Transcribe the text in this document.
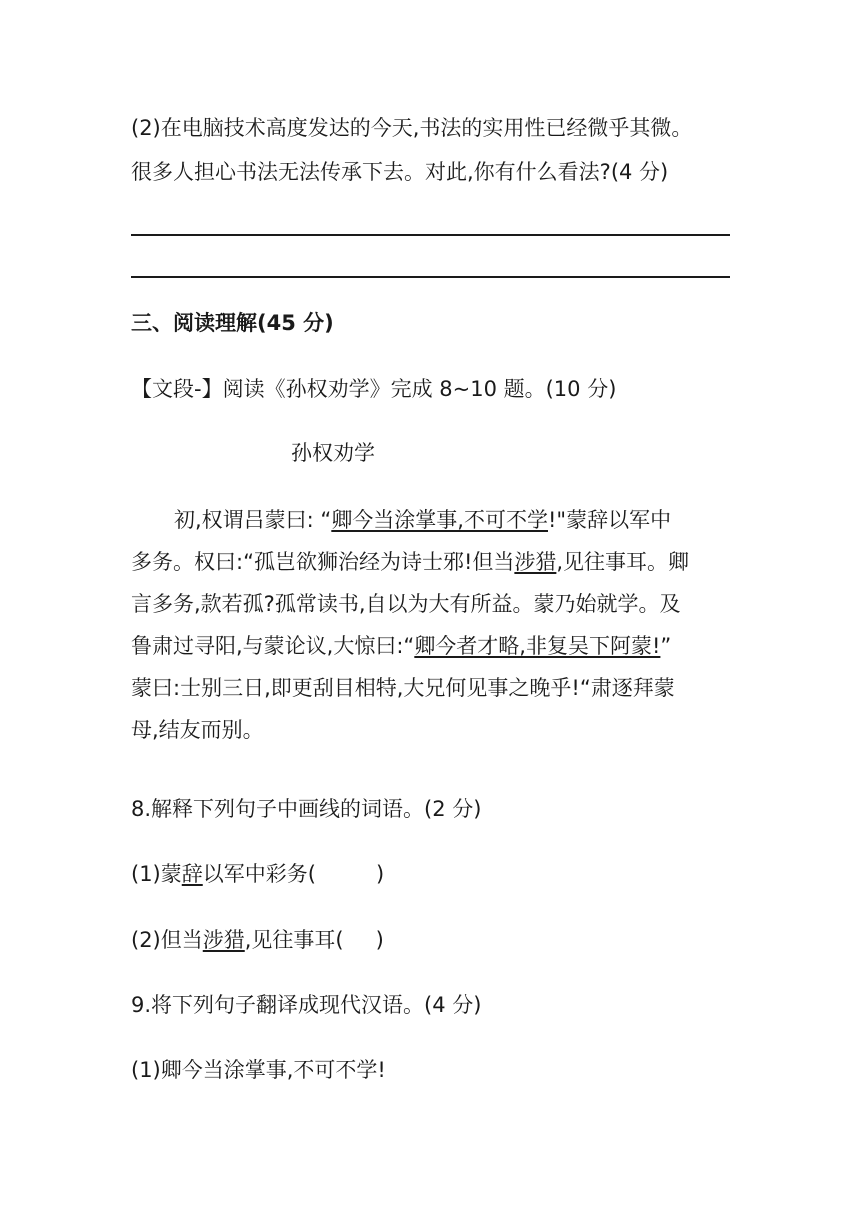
(2)在电脑技术高度发达的今天,书法的实用性已经微乎其微。
很多人担心书法无法传承下去。对此,你有什么看法?(4 分)
三、阅读理解(45 分)
【文段-】阅读《孙权劝学》完成 8~10 题。(10 分)
孙权劝学
初,权谓吕蒙曰: “卿今当涂掌事,不可不学!"蒙辞以军中
多务。权曰:“孤岂欲狮治经为诗士邪!但当涉猎,见往事耳。卿
言多务,款若孤?孤常读书,自以为大有所益。蒙乃始就学。及
鲁肃过寻阳,与蒙论议,大惊曰:“卿今者才略,非复吴下阿蒙!”
蒙曰:士别三日,即更刮目相特,大兄何见事之晚乎!“肃逐拜蒙
母,结友而别。
8.解释下列句子中画线的词语。(2 分)
(1)蒙辞以军中彩务(	)
(2)但当涉猎,见往事耳( )
9.将下列句子翻译成现代汉语。(4 分)
(1)卿今当涂掌事,不可不学!
